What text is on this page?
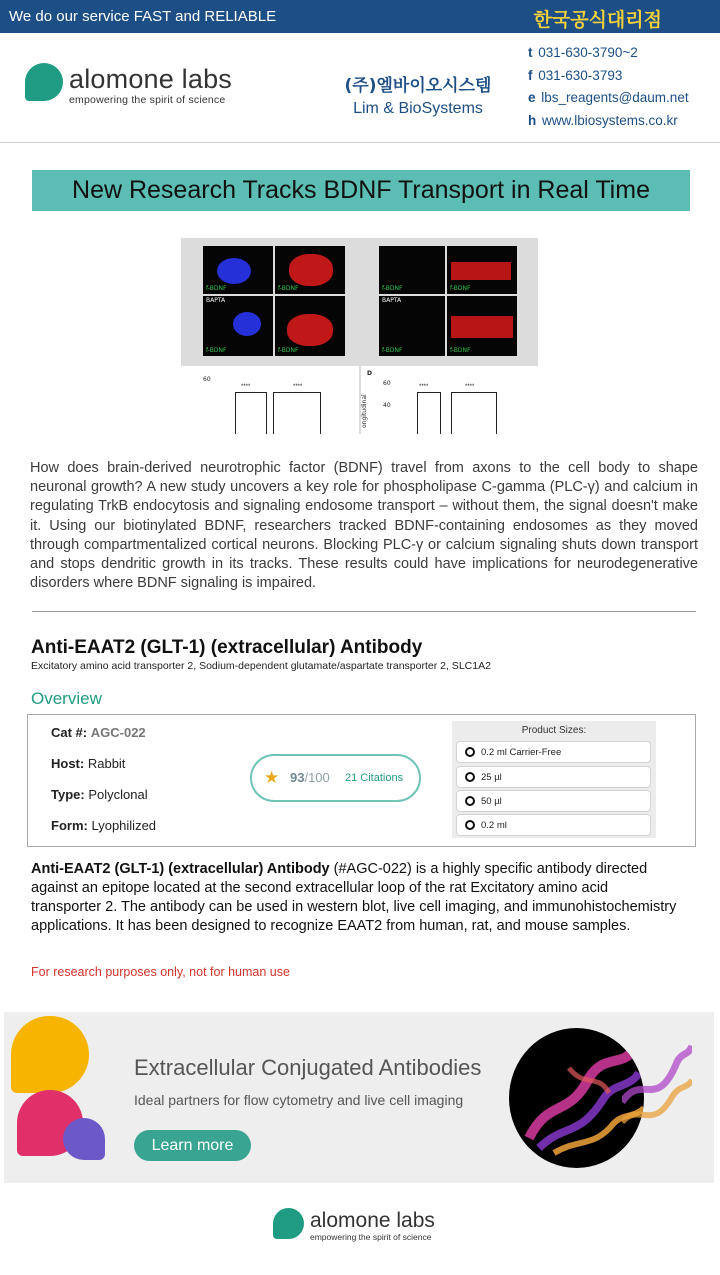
We do our service FAST and RELIABLE	한국공식대리점
alomone labs
empowering the spirit of science
(주)엘바이오시스템
Lim & BioSystems
t 031-630-3790~2
f 031-630-3793
e lbs_reagents@daum.net
h www.lbiosystems.co.kr
New Research Tracks BDNF Transport in Real Time
f-BDNF	f-BDNF
BAPTA
f-BDNF	f-BDNF
f-BDNF	f-BDNF
BAPTA
f-BDNF	f-BDNF
60
****	****
D
60
40
ongitudinal
****	****
How does brain-derived neurotrophic factor (BDNF) travel from axons to the cell body to shape neuronal growth? A new study uncovers a key role for phospholipase C-gamma (PLC-γ) and calcium in regulating TrkB endocytosis and signaling endosome transport – without them, the signal doesn't make it. Using our biotinylated BDNF, researchers tracked BDNF-containing endosomes as they moved through compartmentalized cortical neurons. Blocking PLC-γ or calcium signaling shuts down transport and stops dendritic growth in its tracks. These results could have implications for neurodegenerative disorders where BDNF signaling is impaired.
Anti-EAAT2 (GLT-1) (extracellular) Antibody
Excitatory amino acid transporter 2, Sodium-dependent glutamate/aspartate transporter 2, SLC1A2
Overview
Cat #: AGC-022
Host: Rabbit
Type: Polyclonal
Form: Lyophilized
★ 93/100 21 Citations
Product Sizes:
0.2 ml Carrier-Free
25 µl
50 µl
0.2 ml
Anti-EAAT2 (GLT-1) (extracellular) Antibody (#AGC-022) is a highly specific antibody directed against an epitope located at the second extracellular loop of the rat Excitatory amino acid transporter 2. The antibody can be used in western blot, live cell imaging, and immunohistochemistry applications. It has been designed to recognize EAAT2 from human, rat, and mouse samples.
For research purposes only, not for human use
Extracellular Conjugated Antibodies
Ideal partners for flow cytometry and live cell imaging
Learn more
alomone labs
empowering the spirit of science
